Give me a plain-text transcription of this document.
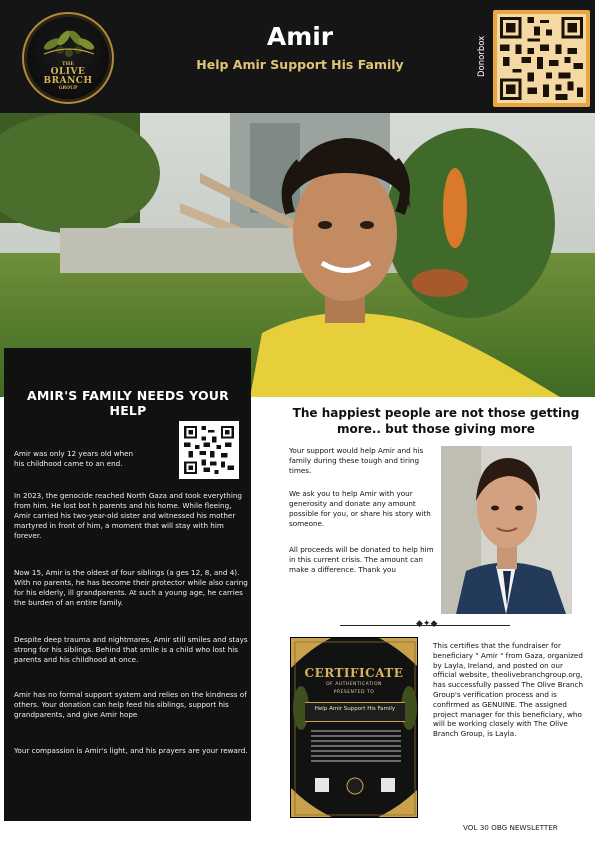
THE
OLIVE
BRANCH
GROUP
Amir
Help Amir Support His Family	Donorbox
AMIR'S FAMILY NEEDS YOUR HELP
Amir was only 12 years old when his childhood came to an end.
In 2023, the genocide reached North Gaza and took everything from him. He lost bot h parents and his home. While fleeing, Amir carried his two-year-old sister and witnessed his mother martyred in front of him, a moment that will stay with him forever.
Now 15, Amir is the oldest of four siblings (a ges 12, 8, and 4). With no parents, he has become their protector while also caring for his elderly, ill grandparents. At such a young age, he carries the burden of an entire family.
Despite deep trauma and nightmares, Amir still smiles and stays strong for his siblings. Behind that smile is a child who lost his parents and his childhood at once.
Amir has no formal support system and relies on the kindness of others. Your donation can help feed his siblings, support his grandparents, and give Amir hope
Your compassion is Amir's light, and his prayers are your reward.
The happiest people are not those getting more.. but those giving more
Your support would help Amir and his family during these tough and tiring times.
We ask you to help Amir with your generosity and donate any amount possible for you, or share his story with someone.
All proceeds will be donated to help him in this current crisis. The amount can make a difference. Thank you
◆✦◆
CERTIFICATE
OF AUTHENTICATION
PRESENTED TO
Help Amir Support His Family
This certifies that the fundraiser for beneficiary " Amir " from Gaza, organized by Layla, Ireland, and posted on our official website, theolivebranchgroup.org, has successfully passed The Olive Branch Group's verification process and is confirmed as GENUINE. The assigned project manager for this beneficiary, who will be working closely with The Olive Branch Group, is Layla.
VOL 30 OBG NEWSLETTER
